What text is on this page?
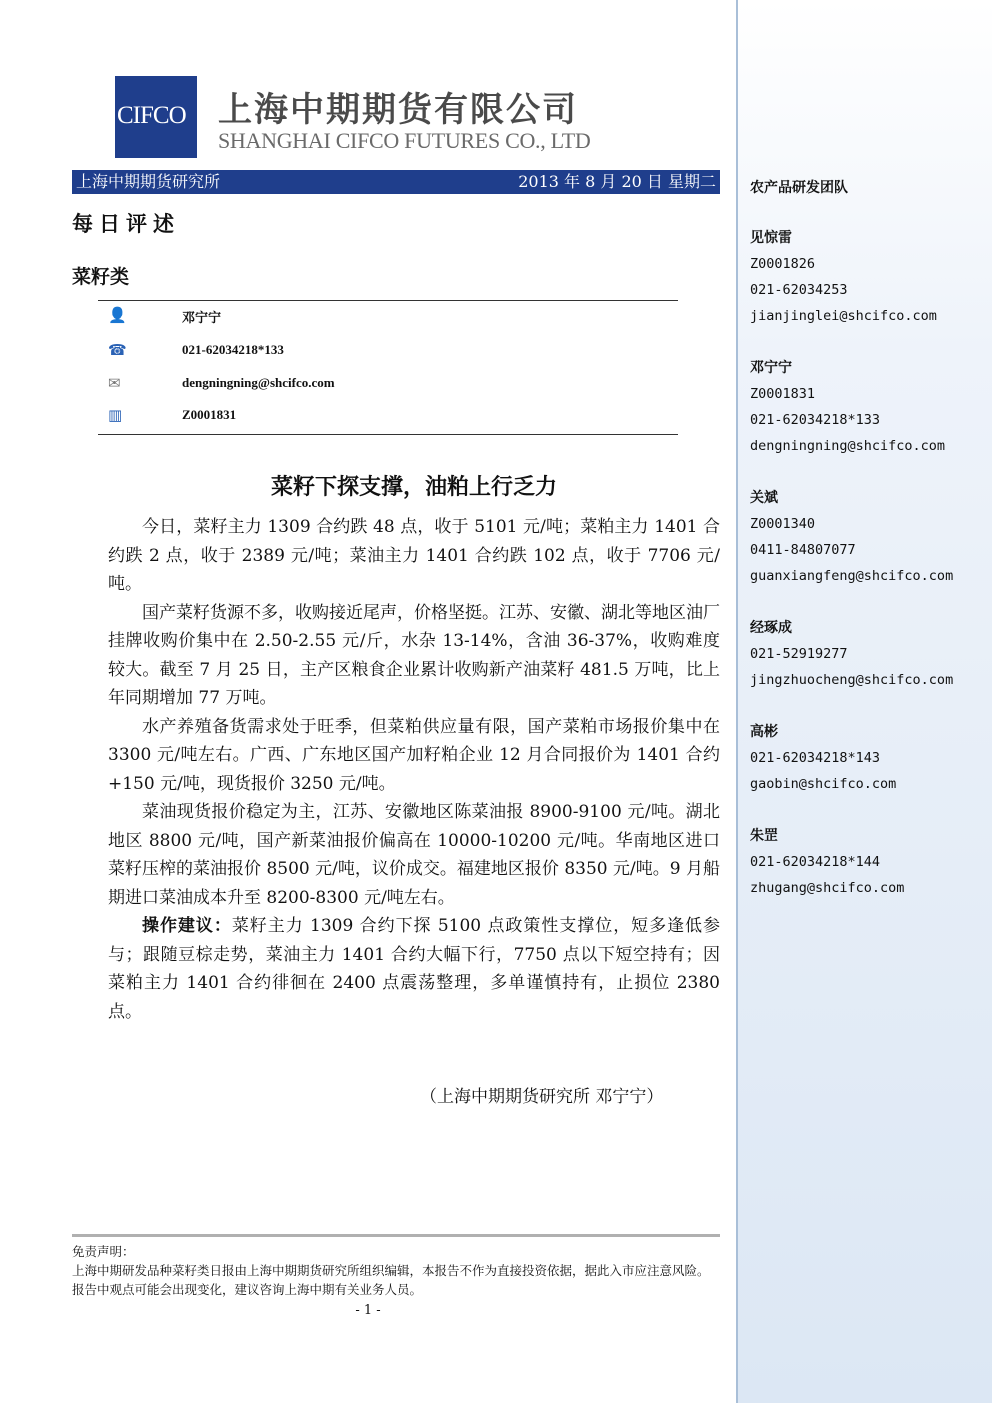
CIFCO 上海中期期货有限公司
SHANGHAI CIFCO FUTURES CO., LTD
上海中期期货研究所	2013 年 8 月 20 日 星期二
每日评述
菜籽类
👤	邓宁宁
☎	021-62034218*133
✉	dengningning@shcifco.com
▥	Z0001831
菜籽下探支撑，油粕上行乏力

今日，菜籽主力 1309 合约跌 48 点，收于 5101 元/吨；菜粕主力 1401 合约跌 2 点，收于 2389 元/吨；菜油主力 1401 合约跌 102 点，收于 7706 元/吨。

国产菜籽货源不多，收购接近尾声，价格坚挺。江苏、安徽、湖北等地区油厂挂牌收购价集中在 2.50-2.55 元/斤，水杂 13-14%，含油 36-37%，收购难度较大。截至 7 月 25 日，主产区粮食企业累计收购新产油菜籽 481.5 万吨，比上年同期增加 77 万吨。

水产养殖备货需求处于旺季，但菜粕供应量有限，国产菜粕市场报价集中在 3300 元/吨左右。广西、广东地区国产加籽粕企业 12 月合同报价为 1401 合约+150 元/吨，现货报价 3250 元/吨。

菜油现货报价稳定为主，江苏、安徽地区陈菜油报 8900-9100 元/吨。湖北地区 8800 元/吨，国产新菜油报价偏高在 10000-10200 元/吨。华南地区进口菜籽压榨的菜油报价 8500 元/吨，议价成交。福建地区报价 8350 元/吨。9 月船期进口菜油成本升至 8200-8300 元/吨左右。

操作建议：菜籽主力 1309 合约下探 5100 点政策性支撑位，短多逢低参与；跟随豆棕走势，菜油主力 1401 合约大幅下行，7750 点以下短空持有；因菜粕主力 1401 合约徘徊在 2400 点震荡整理，多单谨慎持有，止损位 2380 点。

（上海中期期货研究所 邓宁宁）
免责声明：
上海中期研发品种菜籽类日报由上海中期期货研究所组织编辑，本报告不作为直接投资依据，据此入市应注意风险。报告中观点可能会出现变化，建议咨询上海中期有关业务人员。
- 1 -
农产品研发团队
见惊雷
Z0001826
021-62034253
jianjinglei@shcifco.com
邓宁宁
Z0001831
021-62034218*133
dengningning@shcifco.com
关斌
Z0001340
0411-84807077
guanxiangfeng@shcifco.com
经琢成
021-52919277
jingzhuocheng@shcifco.com
高彬
021-62034218*143
gaobin@shcifco.com
朱罡
021-62034218*144
zhugang@shcifco.com
